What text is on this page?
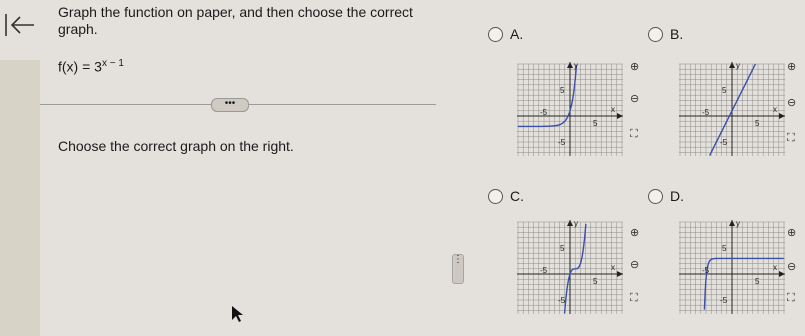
Graph the function on paper, and then choose the correct graph.
$f(x) = 3^{x - 1}$
•••
Choose the correct graph on the right.
⋮
A.	B.
C.	D.
y
x
5
-5
5
-5
y
x
5
-5
5
-5
y
x
5
-5
5
-5
y
x
5
-5
5
-5
⊕
⊖
⛶
⊕
⊖
⛶
⊕
⊖
⛶
⊕
⊖
⛶
